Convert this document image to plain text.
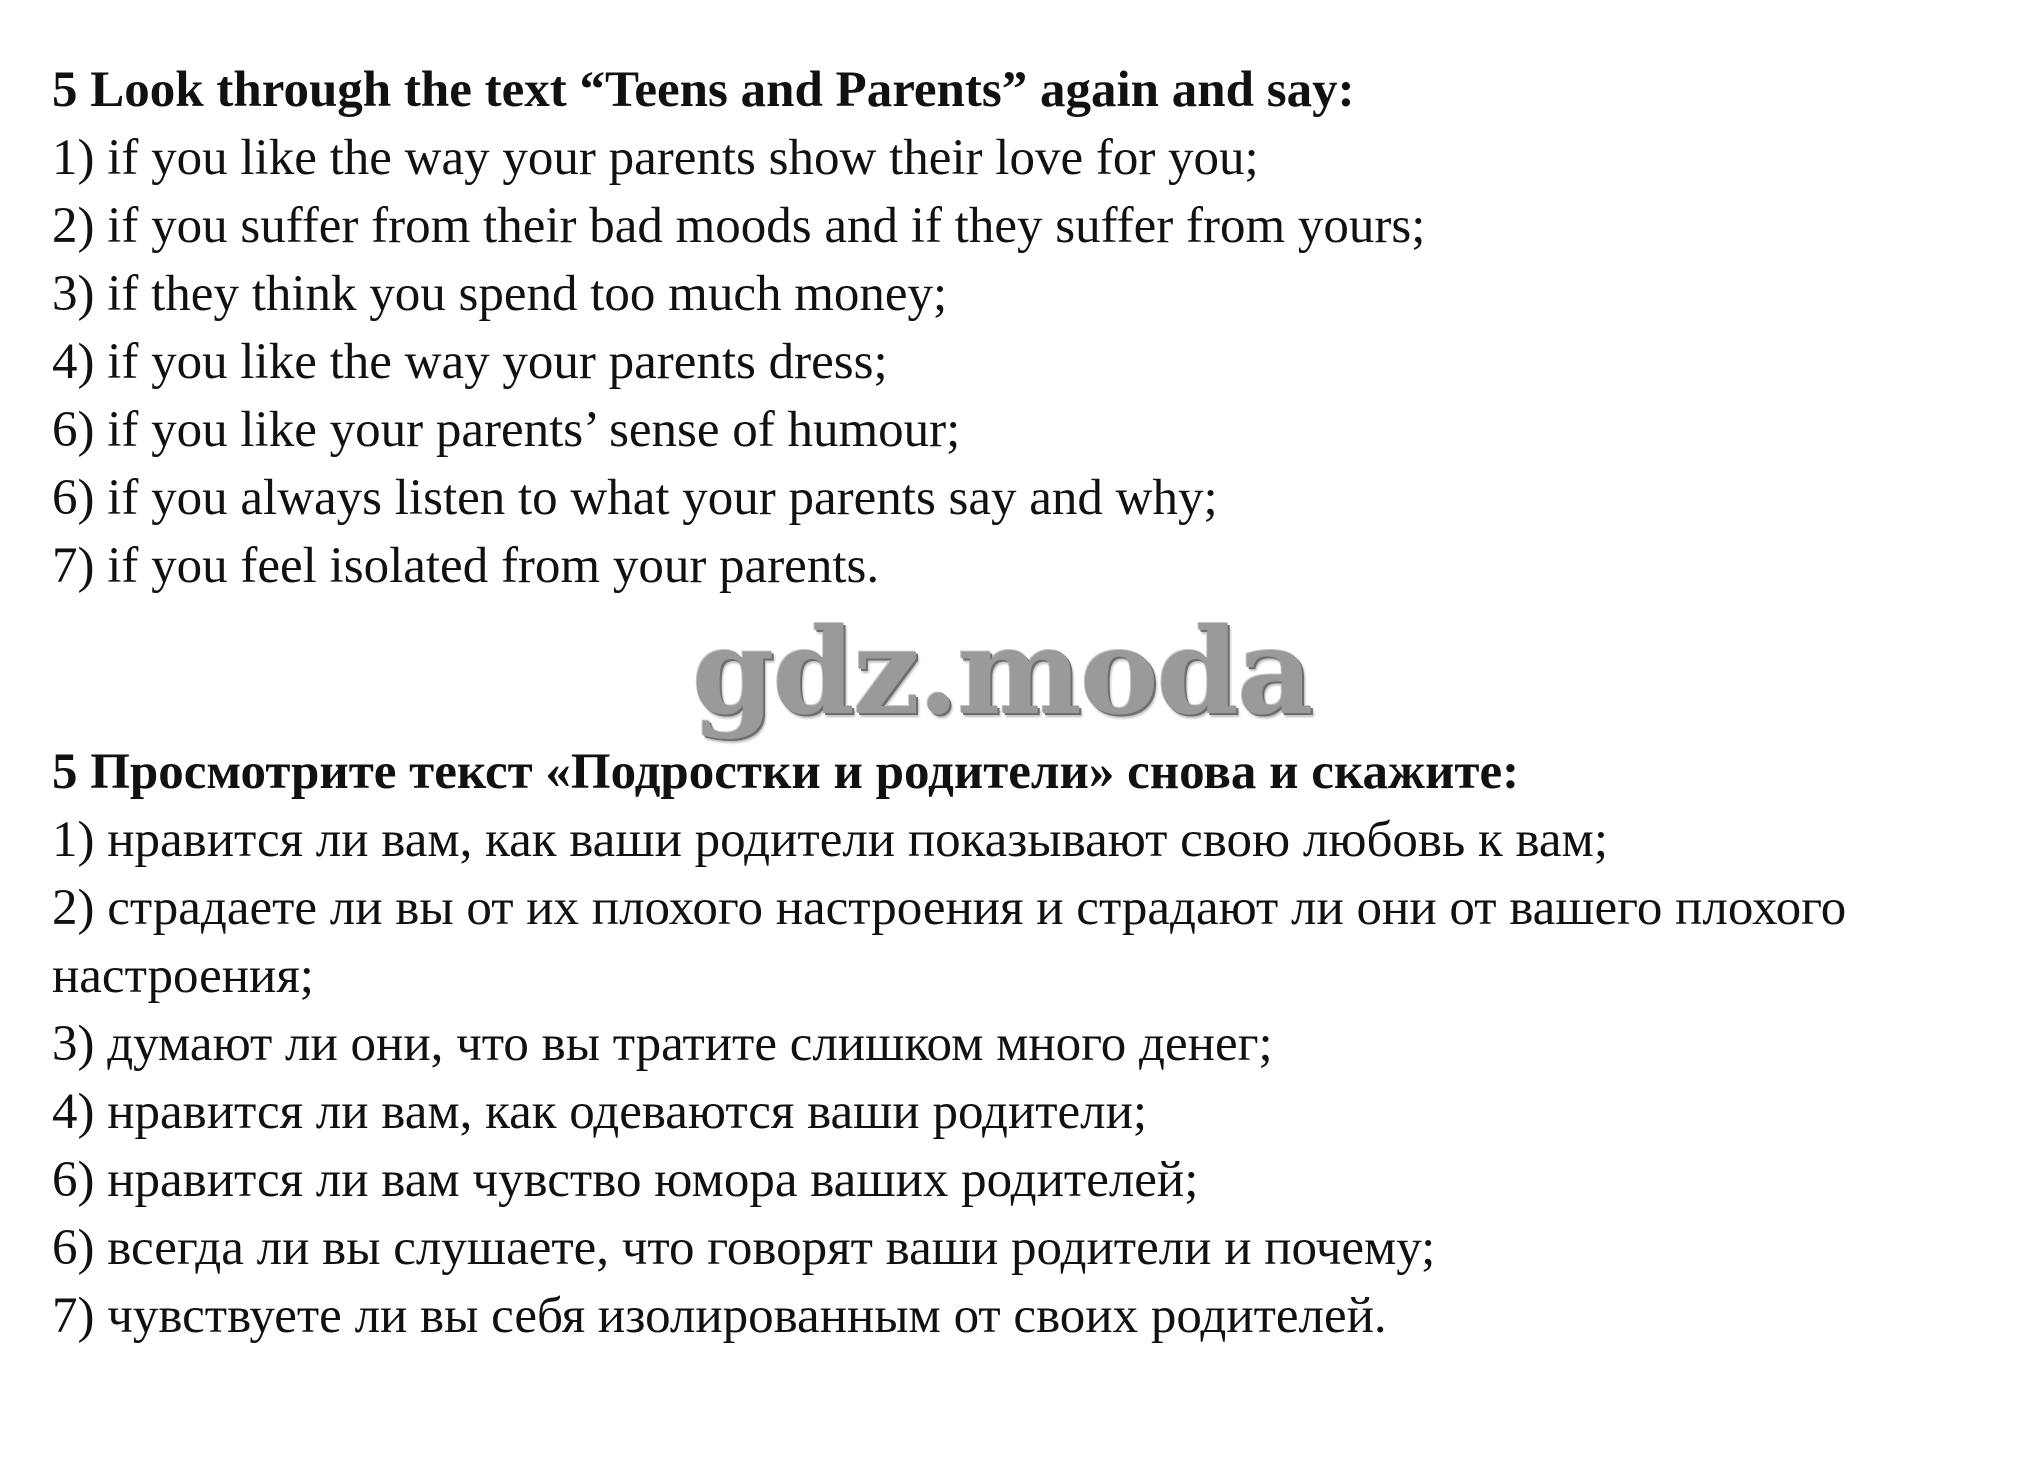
5 Look through the text “Teens and Parents” again and say:
1) if you like the way your parents show their love for you;
2) if you suffer from their bad moods and if they suffer from yours;
3) if they think you spend too much money;
4) if you like the way your parents dress;
6) if you like your parents’ sense of humour;
6) if you always listen to what your parents say and why;
7) if you feel isolated from your parents.
gdz.moda
5 Просмотрите текст «Подростки и родители» снова и скажите:
1) нравится ли вам, как ваши родители показывают свою любовь к вам;
2) страдаете ли вы от их плохого настроения и страдают ли они от вашего плохого настроения;
3) думают ли они, что вы тратите слишком много денег;
4) нравится ли вам, как одеваются ваши родители;
6) нравится ли вам чувство юмора ваших родителей;
6) всегда ли вы слушаете, что говорят ваши родители и почему;
7) чувствуете ли вы себя изолированным от своих родителей.
